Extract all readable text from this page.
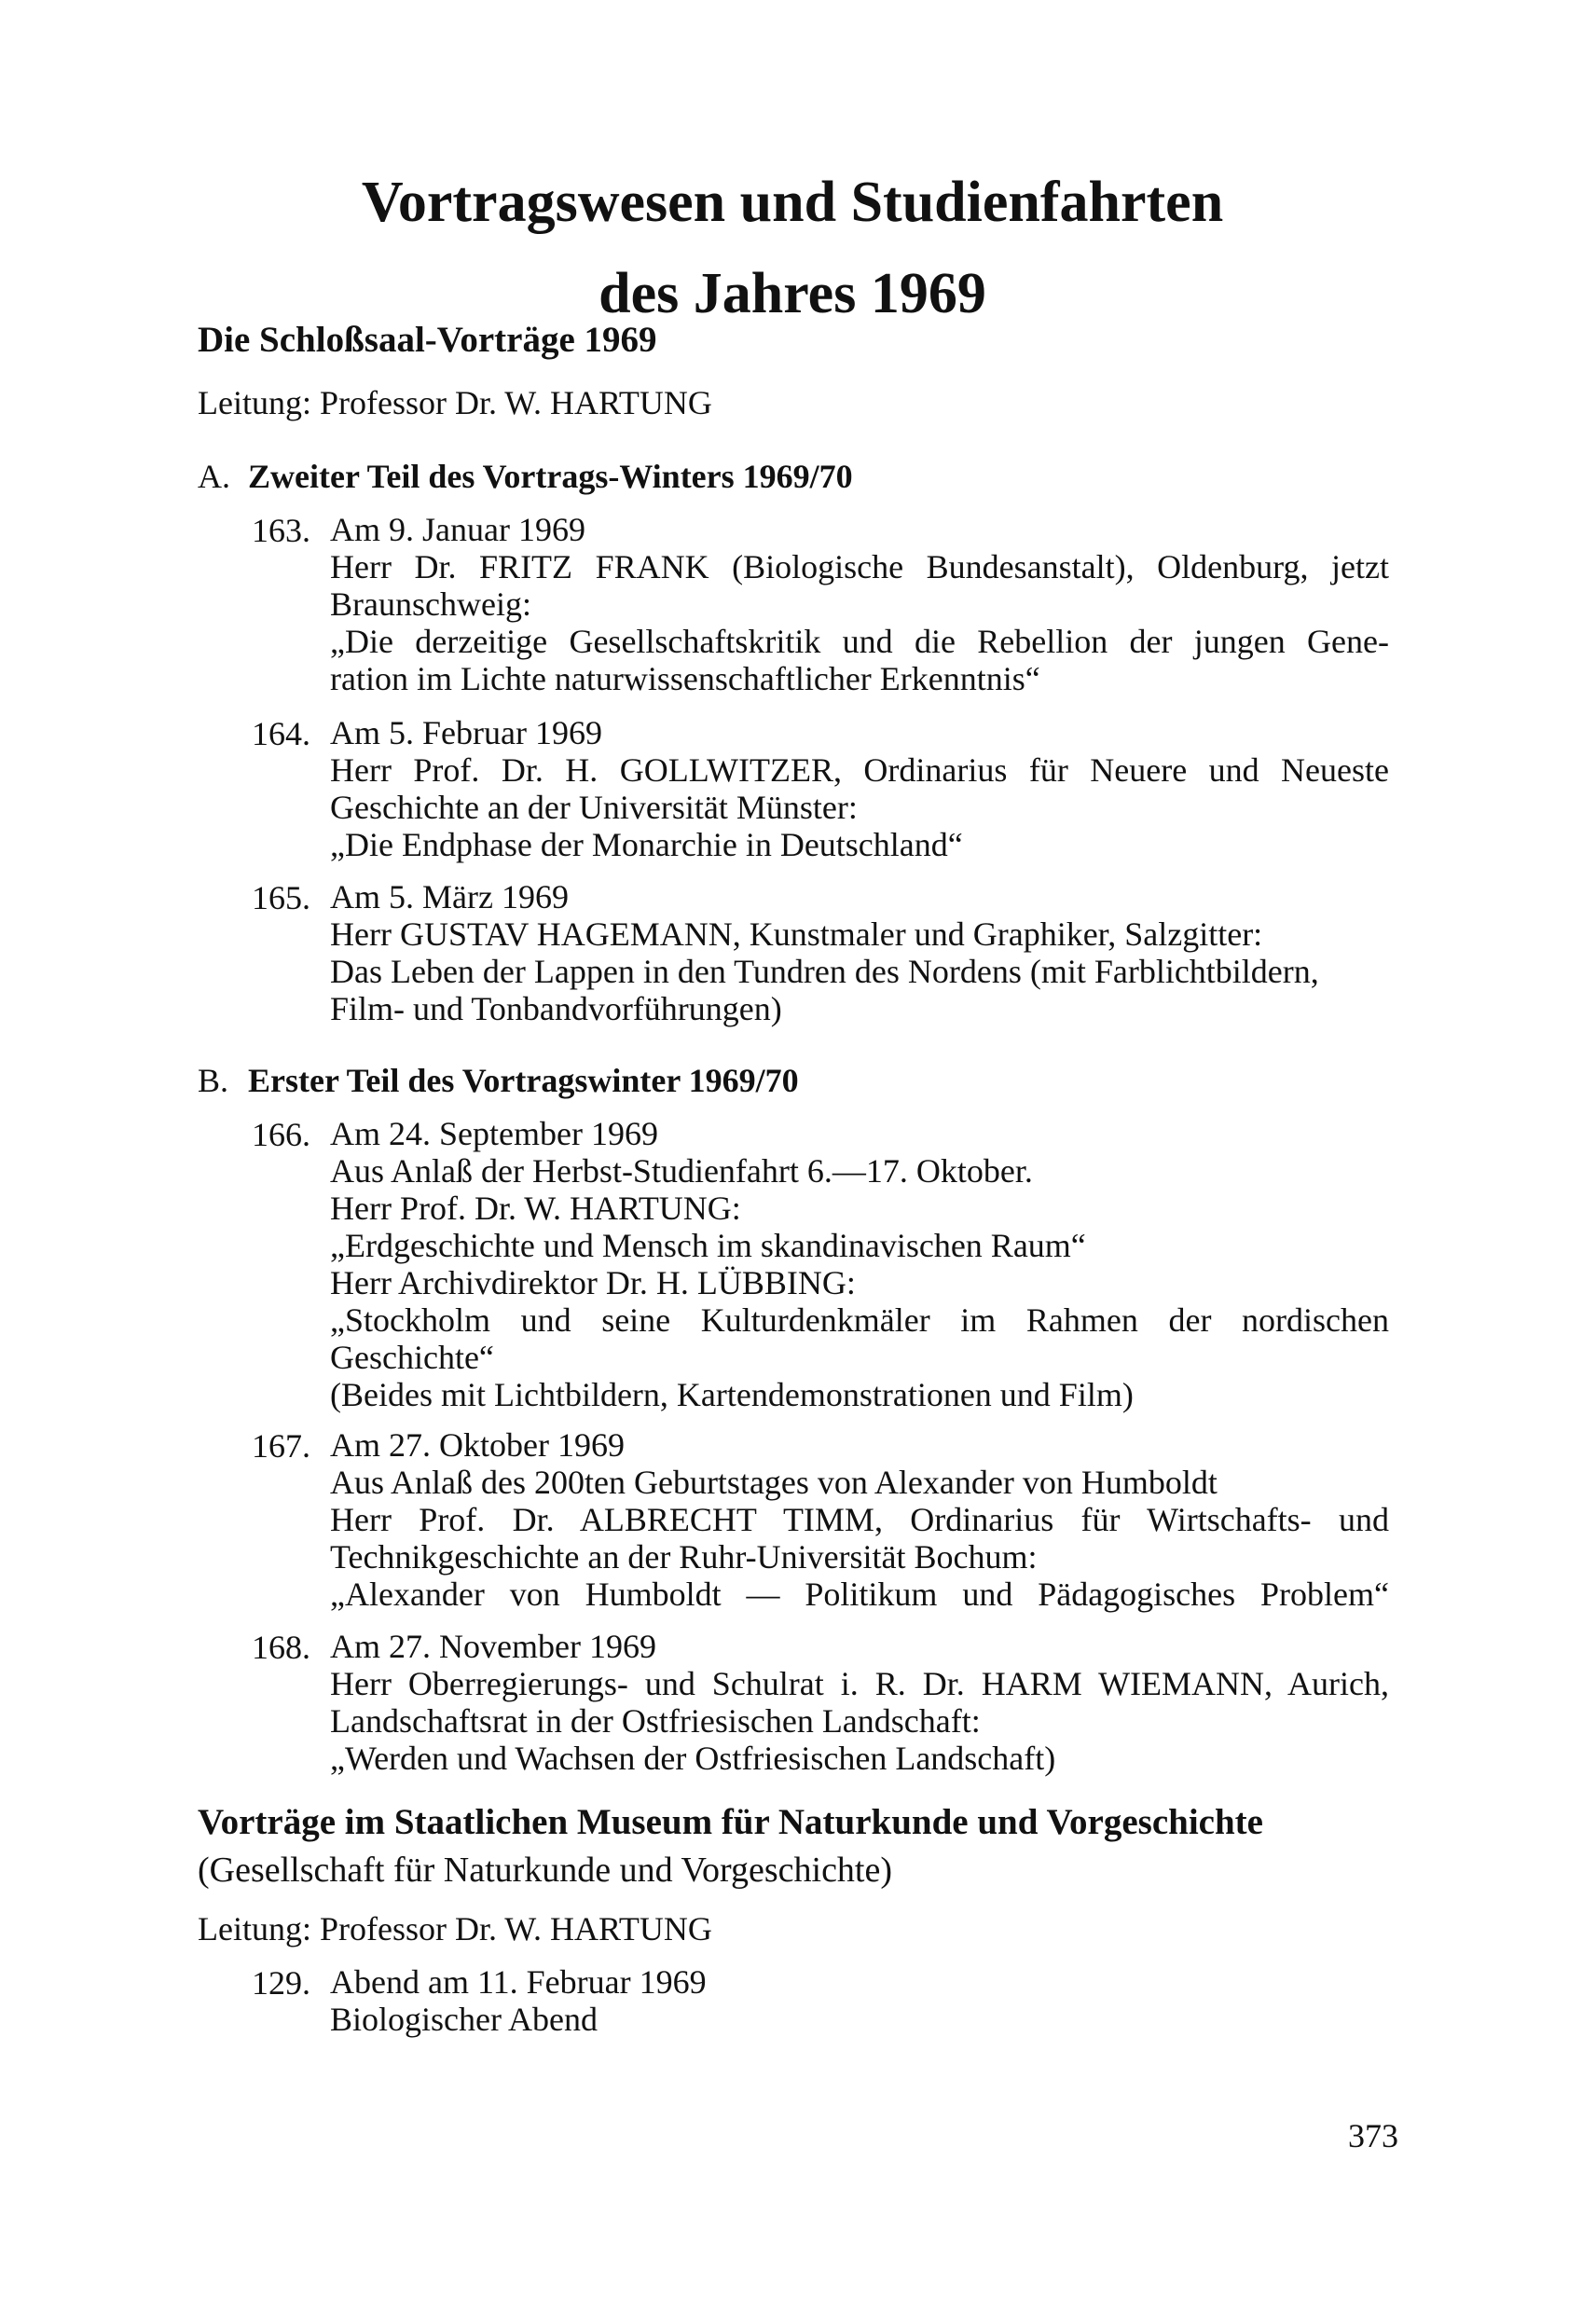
Vortragswesen und Studienfahrten
des Jahres 1969
Die Schloßsaal-Vorträge 1969
Leitung: Professor Dr. W. HARTUNG
A. Zweiter Teil des Vortrags-Winters 1969/70
163. Am 9. Januar 1969
Herr Dr. FRITZ FRANK (Biologische Bundesanstalt), Oldenburg, jetzt
Braunschweig:
„Die derzeitige Gesellschaftskritik und die Rebellion der jungen Gene-
ration im Lichte naturwissenschaftlicher Erkenntnis“
164. Am 5. Februar 1969
Herr Prof. Dr. H. GOLLWITZER, Ordinarius für Neuere und Neueste
Geschichte an der Universität Münster:
„Die Endphase der Monarchie in Deutschland“
165. Am 5. März 1969
Herr GUSTAV HAGEMANN, Kunstmaler und Graphiker, Salzgitter:
Das Leben der Lappen in den Tundren des Nordens (mit Farblichtbildern,
Film- und Tonbandvorführungen)
B. Erster Teil des Vortragswinter 1969/70
166. Am 24. September 1969
Aus Anlaß der Herbst-Studienfahrt 6.—17. Oktober.
Herr Prof. Dr. W. HARTUNG:
„Erdgeschichte und Mensch im skandinavischen Raum“
Herr Archivdirektor Dr. H. LÜBBING:
„Stockholm und seine Kulturdenkmäler im Rahmen der nordischen
Geschichte“
(Beides mit Lichtbildern, Kartendemonstrationen und Film)
167. Am 27. Oktober 1969
Aus Anlaß des 200ten Geburtstages von Alexander von Humboldt
Herr Prof. Dr. ALBRECHT TIMM, Ordinarius für Wirtschafts- und
Technikgeschichte an der Ruhr-Universität Bochum:
„Alexander von Humboldt — Politikum und Pädagogisches Problem“
168. Am 27. November 1969
Herr Oberregierungs- und Schulrat i. R. Dr. HARM WIEMANN, Aurich,
Landschaftsrat in der Ostfriesischen Landschaft:
„Werden und Wachsen der Ostfriesischen Landschaft)
Vorträge im Staatlichen Museum für Naturkunde und Vorgeschichte
(Gesellschaft für Naturkunde und Vorgeschichte)
Leitung: Professor Dr. W. HARTUNG
129. Abend am 11. Februar 1969
Biologischer Abend
373
